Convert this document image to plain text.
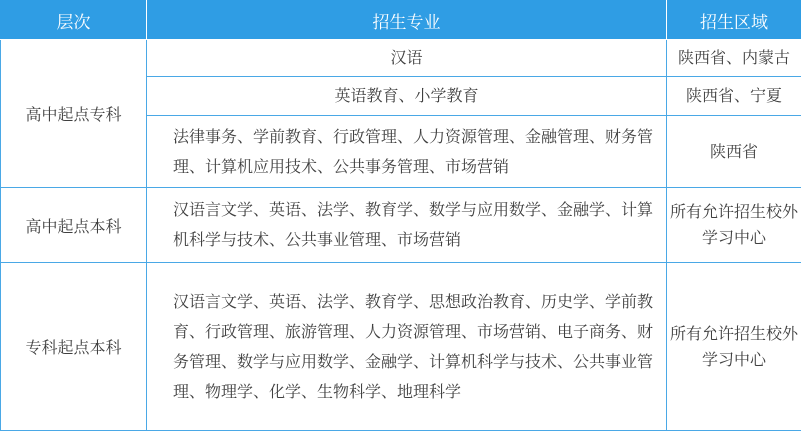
层次	招生专业	招生区域
高中起点专科	汉语	陕西省、内蒙古
	英语教育、小学教育	陕西省、宁夏
	法律事务、学前教育、行政管理、人力资源管理、金融管理、财务管理、计算机应用技术、公共事务管理、市场营销	陕西省
高中起点本科	汉语言文学、英语、法学、教育学、数学与应用数学、金融学、计算机科学与技术、公共事业管理、市场营销	所有允许招生校外学习中心
专科起点本科	汉语言文学、英语、法学、教育学、思想政治教育、历史学、学前教育、行政管理、旅游管理、人力资源管理、市场营销、电子商务、财务管理、数学与应用数学、金融学、计算机科学与技术、公共事业管理、物理学、化学、生物科学、地理科学	所有允许招生校外学习中心
